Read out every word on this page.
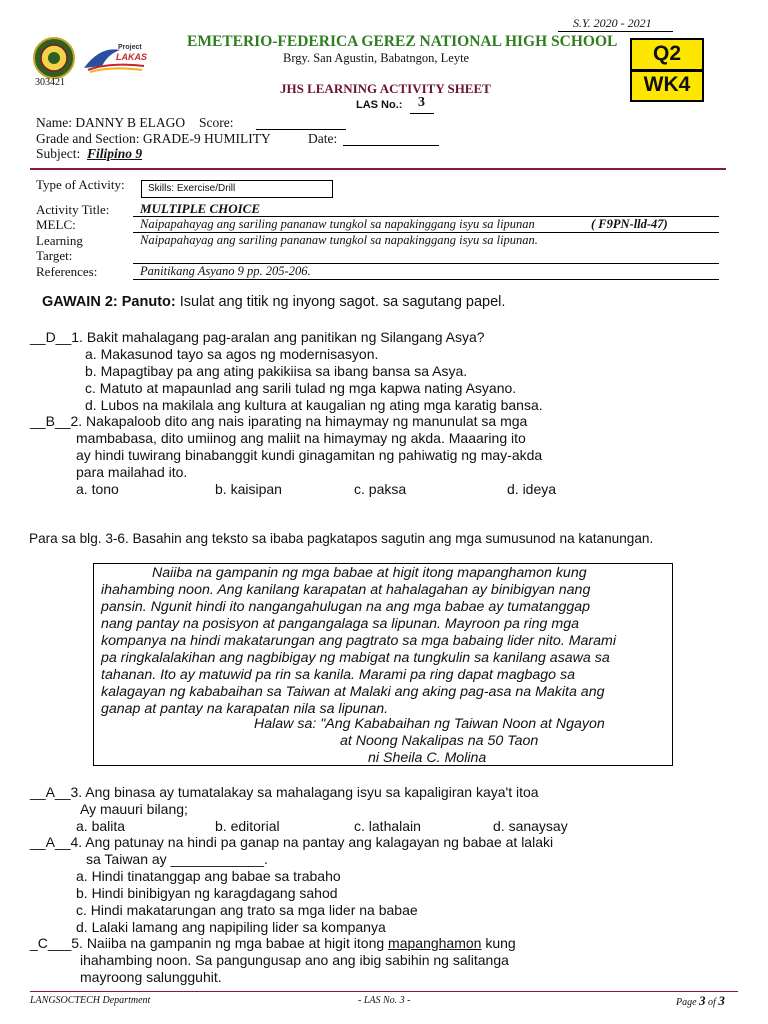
S.Y. 2020 - 2021
303421
Project
LAKAS
EMETERIO-FEDERICA GEREZ NATIONAL HIGH SCHOOL
Brgy. San Agustin, Babatngon, Leyte
JHS LEARNING ACTIVITY SHEET
LAS No.: 3
Q2
WK4
Name: DANNY B ELAGO Score:
Grade and Section: GRADE-9 HUMILITY	Date:
Subject: Filipino 9
Type of Activity: Skills: Exercise/Drill
Activity Title: MULTIPLE CHOICE
MELC:	Naipapahayag ang sariling pananaw tungkol sa napakinggang isyu sa lipunan	( F9PN-lld-47)
Learning
Target:
Naipapahayag ang sariling pananaw tungkol sa napakinggang isyu sa lipunan.
References:	Panitikang Asyano 9 pp. 205-206.
GAWAIN 2: Panuto: Isulat ang titik ng inyong sagot. sa sagutang papel.
__D__1. Bakit mahalagang pag-aralan ang panitikan ng Silangang Asya?
a. Makasunod tayo sa agos ng modernisasyon.
b. Mapagtibay pa ang ating pakikiisa sa ibang bansa sa Asya.
c. Matuto at mapaunlad ang sarili tulad ng mga kapwa nating Asyano.
d. Lubos na makilala ang kultura at kaugalian ng ating mga karatig bansa.
__B__2. Nakapaloob dito ang nais iparating na himaymay ng manunulat sa mga
mambabasa, dito umiinog ang maliit na himaymay ng akda. Maaaring ito
ay hindi tuwirang binabanggit kundi ginagamitan ng pahiwatig ng may-akda
para mailahad ito.
a. tono	b. kaisipan	c. paksa	d. ideya
Para sa blg. 3-6. Basahin ang teksto sa ibaba pagkatapos sagutin ang mga sumusunod na katanungan.
Naiiba na gampanin ng mga babae at higit itong mapanghamon kung
ihahambing noon. Ang kanilang karapatan at hahalagahan ay binibigyan nang
pansin. Ngunit hindi ito nangangahulugan na ang mga babae ay tumatanggap
nang pantay na posisyon at pangangalaga sa lipunan. Mayroon pa ring mga
kompanya na hindi makatarungan ang pagtrato sa mga babaing lider nito. Marami
pa ringkalalakihan ang nagbibigay ng mabigat na tungkulin sa kanilang asawa sa
tahanan. Ito ay matuwid pa rin sa kanila. Marami pa ring dapat magbago sa
kalagayan ng kababaihan sa Taiwan at Malaki ang aking pag-asa na Makita ang
ganap at pantay na karapatan nila sa lipunan.
Halaw sa: "Ang Kababaihan ng Taiwan Noon at Ngayon
at Noong Nakalipas na 50 Taon
ni Sheila C. Molina
__A__3. Ang binasa ay tumatalakay sa mahalagang isyu sa kapaligiran kaya't itoa
Ay mauuri bilang;
a. balita	b. editorial	c. lathalain	d. sanaysay
__A__4. Ang patunay na hindi pa ganap na pantay ang kalagayan ng babae at lalaki
sa Taiwan ay ____________.
a. Hindi tinatanggap ang babae sa trabaho
b. Hindi binibigyan ng karagdagang sahod
c. Hindi makatarungan ang trato sa mga lider na babae
d. Lalaki lamang ang napipiling lider sa kompanya
_C___5. Naiiba na gampanin ng mga babae at higit itong mapanghamon kung
ihahambing noon. Sa pangungusap ano ang ibig sabihin ng salitanga
mayroong salungguhit.
LANGSOCTECH Department	- LAS No. 3 -	Page 3 of 3
